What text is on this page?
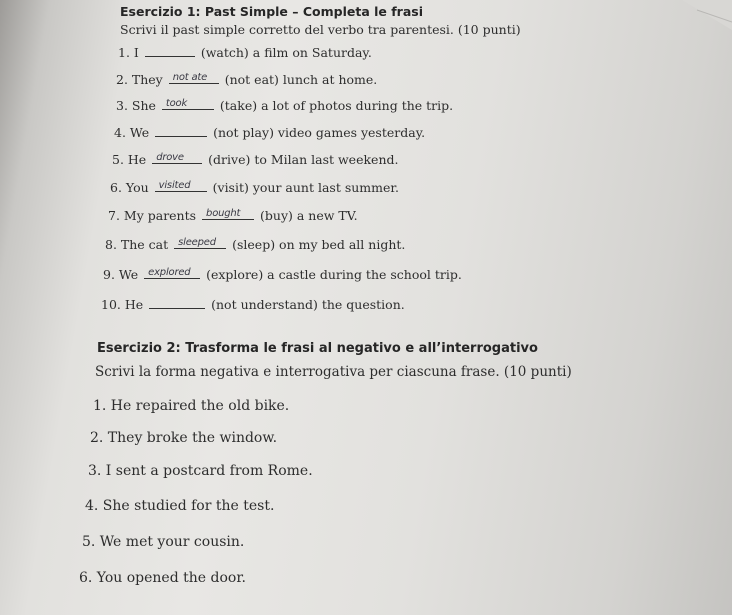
Esercizio 1: Past Simple – Completa le frasi
Scrivi il past simple corretto del verbo tra parentesi. (10 punti)
1. I	(watch) a film on Saturday.
2. They not ate (not eat) lunch at home.
3. She took	(take) a lot of photos during the trip.
4. We	(not play) video games yesterday.
5. He drove (drive) to Milan last weekend.
6. You visited (visit) your aunt last summer.
7. My parents bought (buy) a new TV.
8. The cat sleeped (sleep) on my bed all night.
9. We explored (explore) a castle during the school trip.
10. He	(not understand) the question.
Esercizio 2: Trasforma le frasi al negativo e all’interrogativo
Scrivi la forma negativa e interrogativa per ciascuna frase. (10 punti)
1. He repaired the old bike.
2. They broke the window.
3. I sent a postcard from Rome.
4. She studied for the test.
5. We met your cousin.
6. You opened the door.
